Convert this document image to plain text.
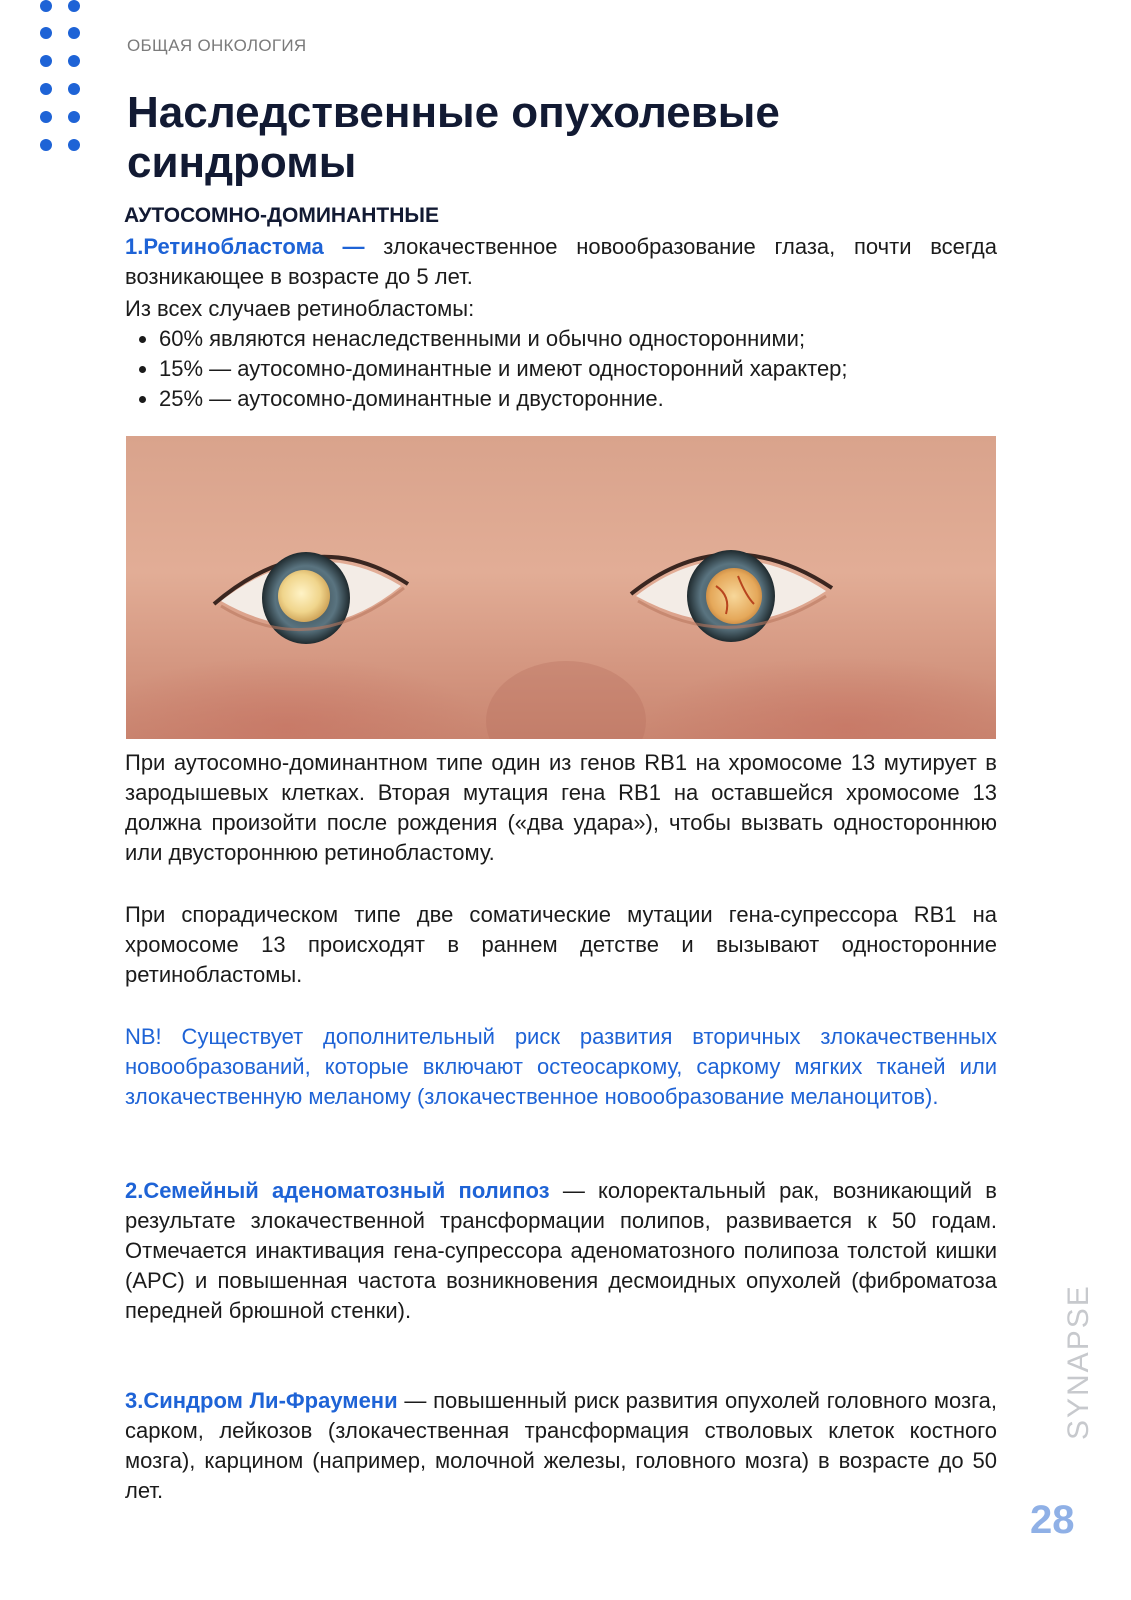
ОБЩАЯ ОНКОЛОГИЯ
Наследственные опухолевые синдромы
АУТОСОМНО-ДОМИНАНТНЫЕ
1.Ретинобластома — злокачественное новообразование глаза, почти всегда возникающее в возрасте до 5 лет.
Из всех случаев ретинобластомы:
• 60% являются ненаследственными и обычно односторонними;
• 15% — аутосомно-доминантные и имеют односторонний характер;
• 25% — аутосомно-доминантные и двусторонние.
При аутосомно-доминантном типе один из генов RB1 на хромосоме 13 мутирует в зародышевых клетках. Вторая мутация гена RB1 на оставшейся хромосоме 13 должна произойти после рождения («два удара»), чтобы вызвать одностороннюю или двустороннюю ретинобластому.
При спорадическом типе две соматические мутации гена-супрессора RB1 на хромосоме 13 происходят в раннем детстве и вызывают односторонние ретинобластомы.
NB! Существует дополнительный риск развития вторичных злокачественных новообразований, которые включают остеосаркому, саркому мягких тканей или злокачественную меланому (злокачественное новообразование меланоцитов).
2.Семейный аденоматозный полипоз — колоректальный рак, возникающий в результате злокачественной трансформации полипов, развивается к 50 годам. Отмечается инактивация гена-супрессора аденоматозного полипоза толстой кишки (APC) и повышенная частота возникновения десмоидных опухолей (фиброматоза передней брюшной стенки).
3.Синдром Ли-Фраумени — повышенный риск развития опухолей головного мозга, сарком, лейкозов (злокачественная трансформация стволовых клеток костного мозга), карцином (например, молочной железы, головного мозга) в возрасте до 50 лет.
SYNAPSE
28
